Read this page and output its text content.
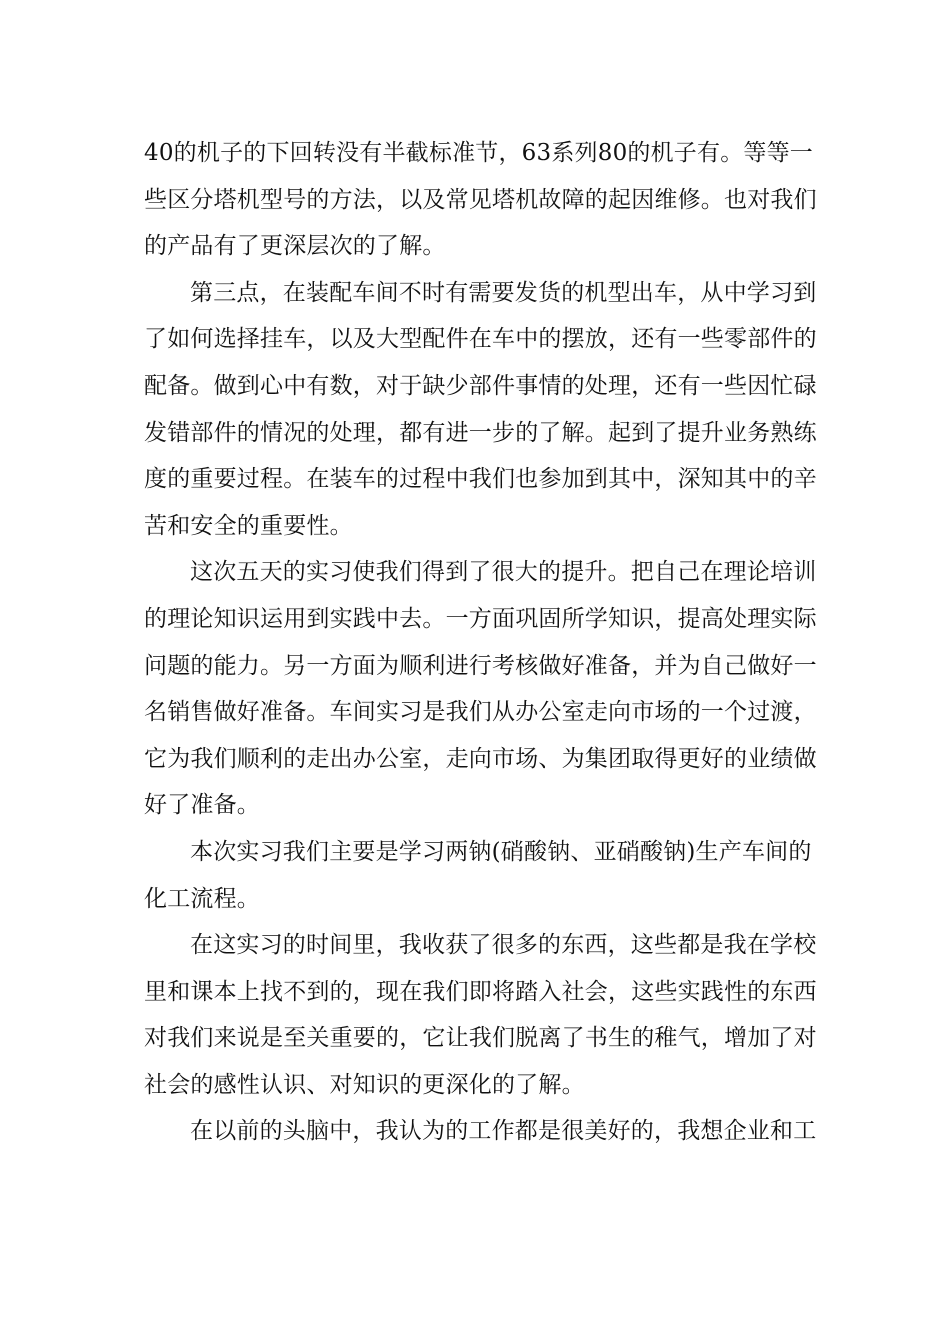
40的机子的下回转没有半截标准节，63系列80的机子有。等等一
些区分塔机型号的方法，以及常见塔机故障的起因维修。也对我们
的产品有了更深层次的了解。
第三点，在装配车间不时有需要发货的机型出车，从中学习到
了如何选择挂车，以及大型配件在车中的摆放，还有一些零部件的
配备。做到心中有数，对于缺少部件事情的处理，还有一些因忙碌
发错部件的情况的处理，都有进一步的了解。起到了提升业务熟练
度的重要过程。在装车的过程中我们也参加到其中，深知其中的辛
苦和安全的重要性。
这次五天的实习使我们得到了很大的提升。把自己在理论培训
的理论知识运用到实践中去。一方面巩固所学知识，提高处理实际
问题的能力。另一方面为顺利进行考核做好准备，并为自己做好一
名销售做好准备。车间实习是我们从办公室走向市场的一个过渡，
它为我们顺利的走出办公室，走向市场、为集团取得更好的业绩做
好了准备。
本次实习我们主要是学习两钠(硝酸钠、亚硝酸钠)生产车间的
化工流程。
在这实习的时间里，我收获了很多的东西，这些都是我在学校
里和课本上找不到的，现在我们即将踏入社会，这些实践性的东西
对我们来说是至关重要的，它让我们脱离了书生的稚气，增加了对
社会的感性认识、对知识的更深化的了解。
在以前的头脑中，我认为的工作都是很美好的，我想企业和工
